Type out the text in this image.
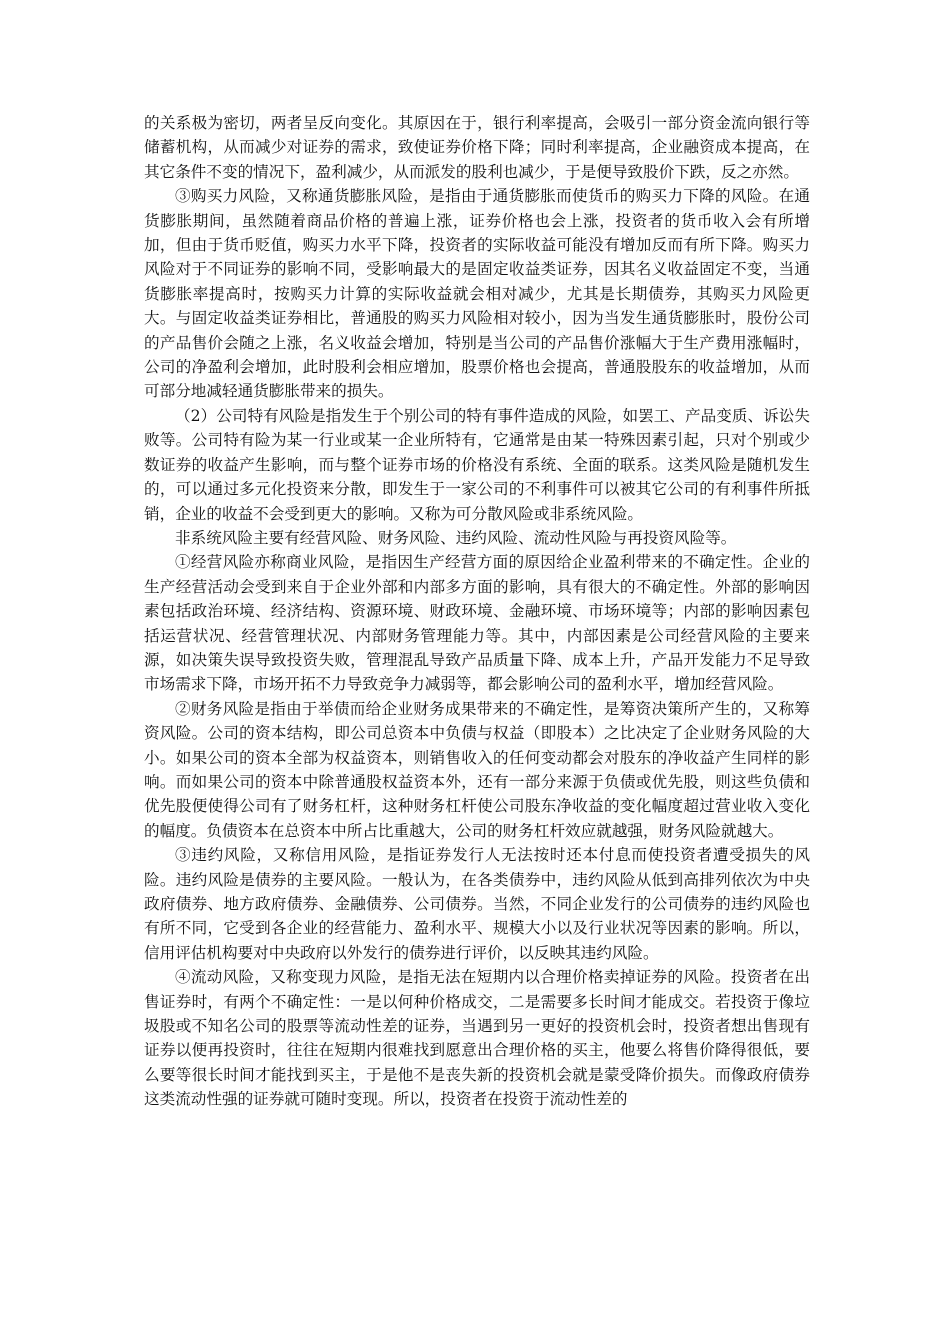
的关系极为密切，两者呈反向变化。其原因在于，银行利率提高，会吸引一部分资金流向银行等储蓄机构，从而减少对证券的需求，致使证券价格下降；同时利率提高，企业融资成本提高，在其它条件不变的情况下，盈利减少，从而派发的股利也减少，于是便导致股价下跌，反之亦然。

③购买力风险，又称通货膨胀风险，是指由于通货膨胀而使货币的购买力下降的风险。在通货膨胀期间，虽然随着商品价格的普遍上涨，证券价格也会上涨，投资者的货币收入会有所增加，但由于货币贬值，购买力水平下降，投资者的实际收益可能没有增加反而有所下降。购买力风险对于不同证券的影响不同，受影响最大的是固定收益类证券，因其名义收益固定不变，当通货膨胀率提高时，按购买力计算的实际收益就会相对减少，尤其是长期债券，其购买力风险更大。与固定收益类证券相比，普通股的购买力风险相对较小，因为当发生通货膨胀时，股份公司的产品售价会随之上涨，名义收益会增加，特别是当公司的产品售价涨幅大于生产费用涨幅时，公司的净盈利会增加，此时股利会相应增加，股票价格也会提高，普通股股东的收益增加，从而可部分地减轻通货膨胀带来的损失。

（2）公司特有风险是指发生于个别公司的特有事件造成的风险，如罢工、产品变质、诉讼失败等。公司特有险为某一行业或某一企业所特有，它通常是由某一特殊因素引起，只对个别或少数证券的收益产生影响，而与整个证券市场的价格没有系统、全面的联系。这类风险是随机发生的，可以通过多元化投资来分散，即发生于一家公司的不利事件可以被其它公司的有利事件所抵销，企业的收益不会受到更大的影响。又称为可分散风险或非系统风险。

非系统风险主要有经营风险、财务风险、违约风险、流动性风险与再投资风险等。

①经营风险亦称商业风险，是指因生产经营方面的原因给企业盈利带来的不确定性。企业的生产经营活动会受到来自于企业外部和内部多方面的影响，具有很大的不确定性。外部的影响因素包括政治环境、经济结构、资源环境、财政环境、金融环境、市场环境等；内部的影响因素包括运营状况、经营管理状况、内部财务管理能力等。其中，内部因素是公司经营风险的主要来源，如决策失误导致投资失败，管理混乱导致产品质量下降、成本上升，产品开发能力不足导致市场需求下降，市场开拓不力导致竞争力减弱等，都会影响公司的盈利水平，增加经营风险。

②财务风险是指由于举债而给企业财务成果带来的不确定性，是筹资决策所产生的，又称筹资风险。公司的资本结构，即公司总资本中负债与权益（即股本）之比决定了企业财务风险的大小。如果公司的资本全部为权益资本，则销售收入的任何变动都会对股东的净收益产生同样的影响。而如果公司的资本中除普通股权益资本外，还有一部分来源于负债或优先股，则这些负债和优先股便使得公司有了财务杠杆，这种财务杠杆使公司股东净收益的变化幅度超过营业收入变化的幅度。负债资本在总资本中所占比重越大，公司的财务杠杆效应就越强，财务风险就越大。

③违约风险，又称信用风险，是指证券发行人无法按时还本付息而使投资者遭受损失的风险。违约风险是债券的主要风险。一般认为，在各类债券中，违约风险从低到高排列依次为中央政府债券、地方政府债券、金融债券、公司债券。当然，不同企业发行的公司债券的违约风险也有所不同，它受到各企业的经营能力、盈利水平、规模大小以及行业状况等因素的影响。所以，信用评估机构要对中央政府以外发行的债券进行评价，以反映其违约风险。

④流动风险，又称变现力风险，是指无法在短期内以合理价格卖掉证券的风险。投资者在出售证券时，有两个不确定性：一是以何种价格成交，二是需要多长时间才能成交。若投资于像垃圾股或不知名公司的股票等流动性差的证券，当遇到另一更好的投资机会时，投资者想出售现有证券以便再投资时，往往在短期内很难找到愿意出合理价格的买主，他要么将售价降得很低，要么要等很长时间才能找到买主，于是他不是丧失新的投资机会就是蒙受降价损失。而像政府债券这类流动性强的证券就可随时变现。所以，投资者在投资于流动性差的
